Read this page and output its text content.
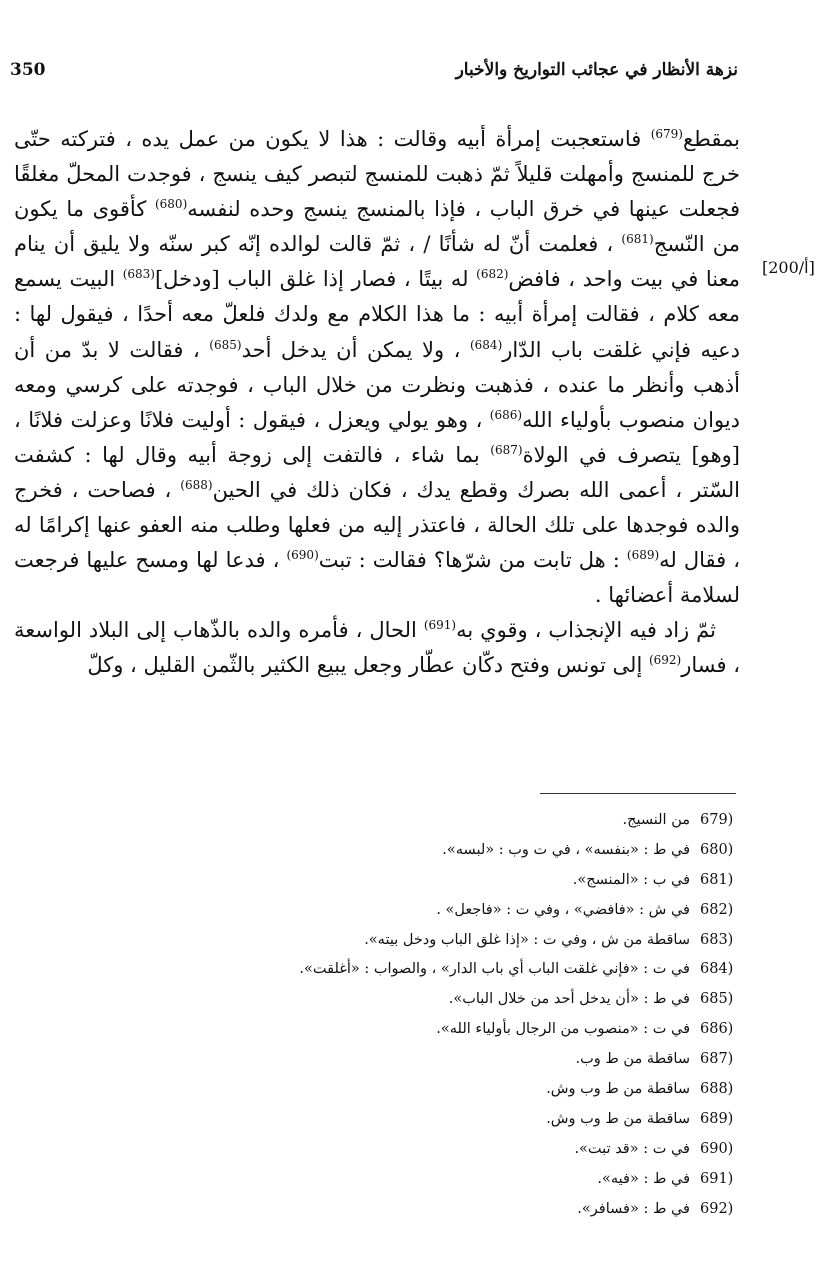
350	نزهة الأنظار في عجائب التواريخ والأخبار
[200/أ]

بمقطع$^{(679)}$ فاستعجبت إمرأة أبيه وقالت : هذا لا يكون من عمل يده ، فتركته حتّى خرج للمنسج وأمهلت قليلاً ثمّ ذهبت للمنسج لتبصر كيف ينسج ، فوجدت المحلّ مغلقًا فجعلت عينها في خرق الباب ، فإذا بالمنسج ينسج وحده لنفسه$^{(680)}$ كأقوى ما يكون من النّسج$^{(681)}$ ، فعلمت أنّ له شأنًا / ، ثمّ قالت لوالده إنّه كبر سنّه ولا يليق أن ينام معنا في بيت واحد ، فافض$^{(682)}$ له بيتًا ، فصار إذا غلق الباب [ودخل]$^{(683)}$ البيت يسمع معه كلام ، فقالت إمرأة أبيه : ما هذا الكلام مع ولدك فلعلّ معه أحدًا ، فيقول لها : دعيه فإني غلقت باب الدّار$^{(684)}$ ، ولا يمكن أن يدخل أحد$^{(685)}$ ، فقالت لا بدّ من أن أذهب وأنظر ما عنده ، فذهبت ونظرت من خلال الباب ، فوجدته على كرسي ومعه ديوان منصوب بأولياء الله$^{(686)}$ ، وهو يولي ويعزل ، فيقول : أوليت فلانًا وعزلت فلانًا ، [وهو] يتصرف في الولاة$^{(687)}$ بما شاء ، فالتفت إلى زوجة أبيه وقال لها : كشفت السّتر ، أعمى الله بصرك وقطع يدك ، فكان ذلك في الحين$^{(688)}$ ، فصاحت ، فخرج والده فوجدها على تلك الحالة ، فاعتذر إليه من فعلها وطلب منه العفو عنها إكرامًا له ، فقال له$^{(689)}$ : هل تابت من شرّها؟ فقالت : تبت$^{(690)}$ ، فدعا لها ومسح عليها فرجعت لسلامة أعضائها .

ثمّ زاد فيه الإنجذاب ، وقوي به$^{(691)}$ الحال ، فأمره والده بالذّهاب إلى البلاد الواسعة ، فسار$^{(692)}$ إلى تونس وفتح دكّان عطّار وجعل يبيع الكثير بالثّمن القليل ، وكلّ

679)من النسيج.
680)في ط : «بنفسه» ، في ت وب : «لبسه».
681)في ب : «المنسج».
682)في ش : «فافضي» ، وفي ت : «فاجعل» .
683)ساقطة من ش ، وفي ت : «إذا غلق الباب ودخل بيته».
684)في ت : «فإني غلقت الباب أي باب الدار» ، والصواب : «أغلقت».
685)في ط : «أن يدخل أحد من خلال الباب».
686)في ت : «منصوب من الرجال بأولياء الله».
687)ساقطة من ط وب.
688)ساقطة من ط وب وش.
689)ساقطة من ط وب وش.
690)في ت : «قد تبت».
691)في ط : «فيه».
692)في ط : «فسافر».
